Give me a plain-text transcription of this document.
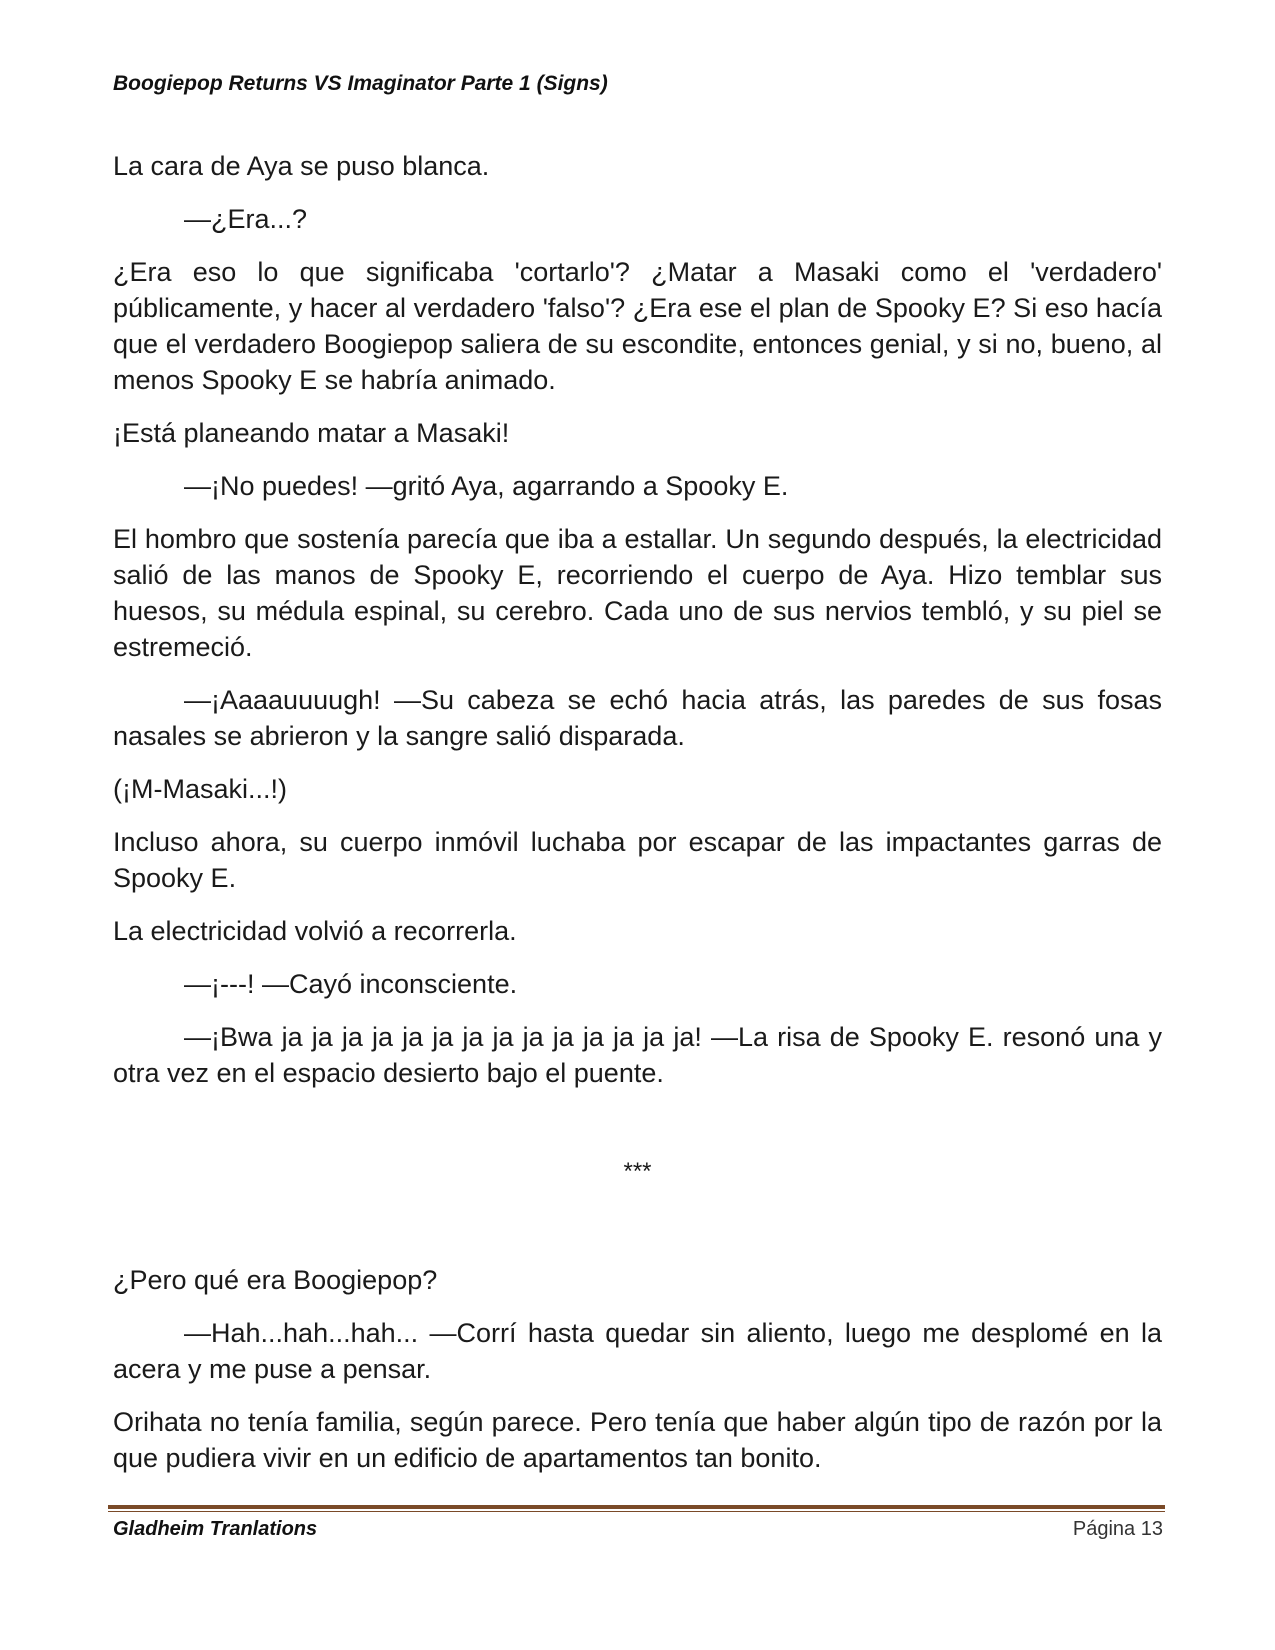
Boogiepop Returns VS Imaginator Parte 1 (Signs)

La cara de Aya se puso blanca.

—¿Era...?

¿Era eso lo que significaba 'cortarlo'? ¿Matar a Masaki como el 'verdadero' públicamente, y hacer al verdadero 'falso'? ¿Era ese el plan de Spooky E? Si eso hacía que el verdadero Boogiepop saliera de su escondite, entonces genial, y si no, bueno, al menos Spooky E se habría animado.

¡Está planeando matar a Masaki!

—¡No puedes! —gritó Aya, agarrando a Spooky E.

El hombro que sostenía parecía que iba a estallar. Un segundo después, la electricidad salió de las manos de Spooky E, recorriendo el cuerpo de Aya. Hizo temblar sus huesos, su médula espinal, su cerebro. Cada uno de sus nervios tembló, y su piel se estremeció.

—¡Aaaauuuugh! —Su cabeza se echó hacia atrás, las paredes de sus fosas nasales se abrieron y la sangre salió disparada.

(¡M-Masaki...!)

Incluso ahora, su cuerpo inmóvil luchaba por escapar de las impactantes garras de Spooky E.

La electricidad volvió a recorrerla.

—¡---! —Cayó inconsciente.

—¡Bwa ja ja ja ja ja ja ja ja ja ja ja ja ja ja! —La risa de Spooky E. resonó una y otra vez en el espacio desierto bajo el puente.

***

¿Pero qué era Boogiepop?

—Hah...hah...hah... —Corrí hasta quedar sin aliento, luego me desplomé en la acera y me puse a pensar.

Orihata no tenía familia, según parece. Pero tenía que haber algún tipo de razón por la que pudiera vivir en un edificio de apartamentos tan bonito.

Gladheim Tranlations	Página 13
